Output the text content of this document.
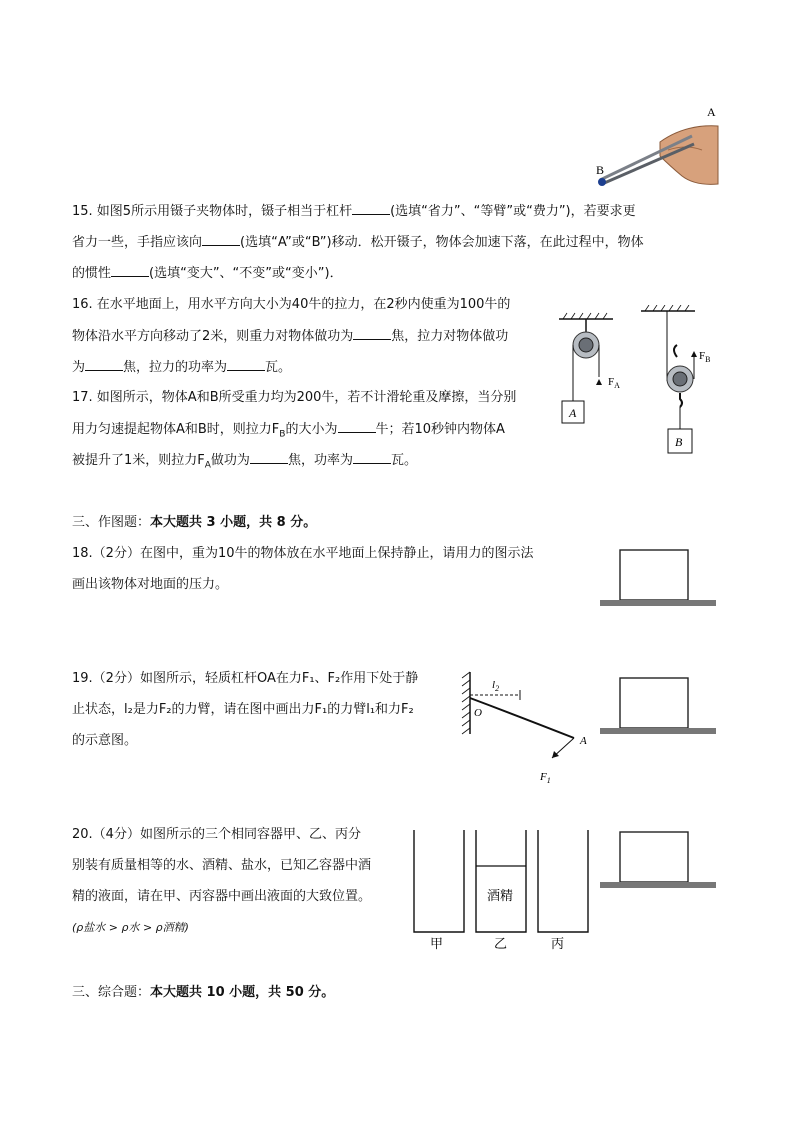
A
B
15. 如图5所示用镊子夹物体时，镊子相当于杠杆	(选填“省力”、“等臂”或“费力”)，若要求更
省力一些，手指应该向	(选填“A”或“B”)移动．松开镊子，物体会加速下落，在此过程中，物体
的惯性	(选填“变大”、“不变”或“变小”)．
16. 在水平地面上，用水平方向大小为40牛的拉力，在2秒内使重为100牛的
物体沿水平方向移动了2米，则重力对物体做功为	焦，拉力对物体做功
为	焦，拉力的功率为	瓦。
17. 如图所示，物体A和B所受重力均为200牛，若不计滑轮重及摩擦，当分别
用力匀速提起物体A和B时，则拉力$F_B$的大小为	牛；若10秒钟内物体A
被提升了1米，则拉力$F_A$做功为	焦，功率为	瓦。
$F_A$
A
$F_B$
B
三、作图题：本大题共 3 小题，共 8 分。
18.（2分）在图中，重为10牛的物体放在水平地面上保持静止，请用力的图示法
画出该物体对地面的压力。
19.（2分）如图所示，轻质杠杆OA在力F₁、F₂作用下处于静
止状态，l₂是力F₂的力臂，请在图中画出力F₁的力臂l₁和力F₂
的示意图。
$l_2$
O
A
$F_1$
20.（4分）如图所示的三个相同容器甲、乙、丙分
别装有质量相等的水、酒精、盐水，已知乙容器中酒
精的液面，请在甲、丙容器中画出液面的大致位置。
(ρ盐水 > ρ水 > ρ酒精)
酒精
甲	乙	丙
三、综合题：本大题共 10 小题，共 50 分。
